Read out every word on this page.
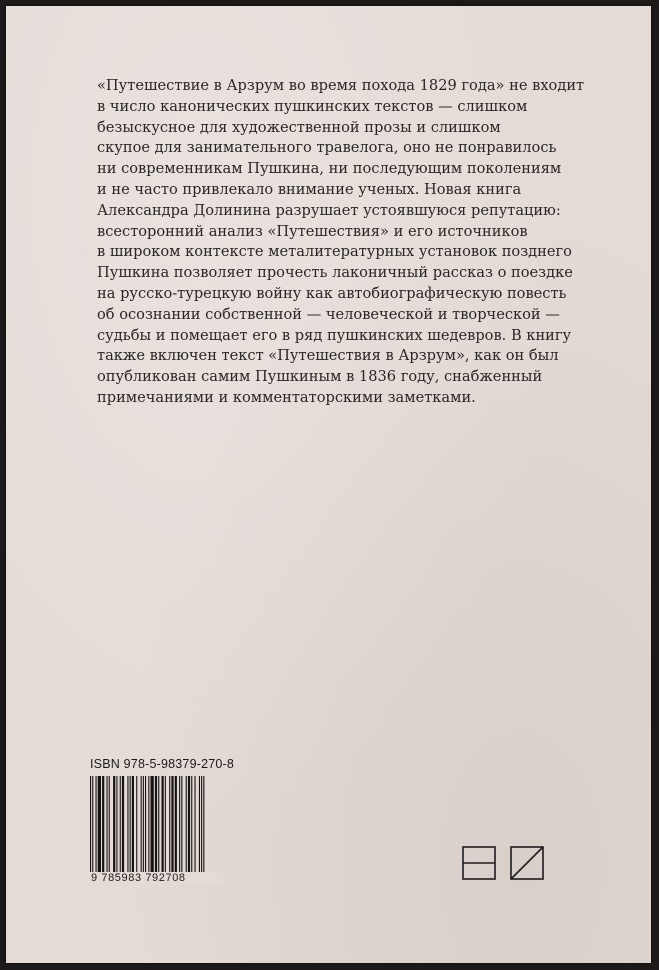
«Путешествие в Арзрум во время похода 1829 года» не входит
в число канонических пушкинских текстов — слишком
безыскусное для художественной прозы и слишком
скупое для занимательного травелога, оно не понравилось
ни современникам Пушкина, ни последующим поколениям
и не часто привлекало внимание ученых. Новая книга
Александра Долинина разрушает устоявшуюся репутацию:
всесторонний анализ «Путешествия» и его источников
в широком контексте металитературных установок позднего
Пушкина позволяет прочесть лаконичный рассказ о поездке
на русско-турецкую войну как автобиографическую повесть
об осознании собственной — человеческой и творческой —
судьбы и помещает его в ряд пушкинских шедевров. В книгу
также включен текст «Путешествия в Арзрум», как он был
опубликован самим Пушкиным в 1836 году, снабженный
примечаниями и комментаторскими заметками.

ISBN 978-5-98379-270-8
9 785983 792708
